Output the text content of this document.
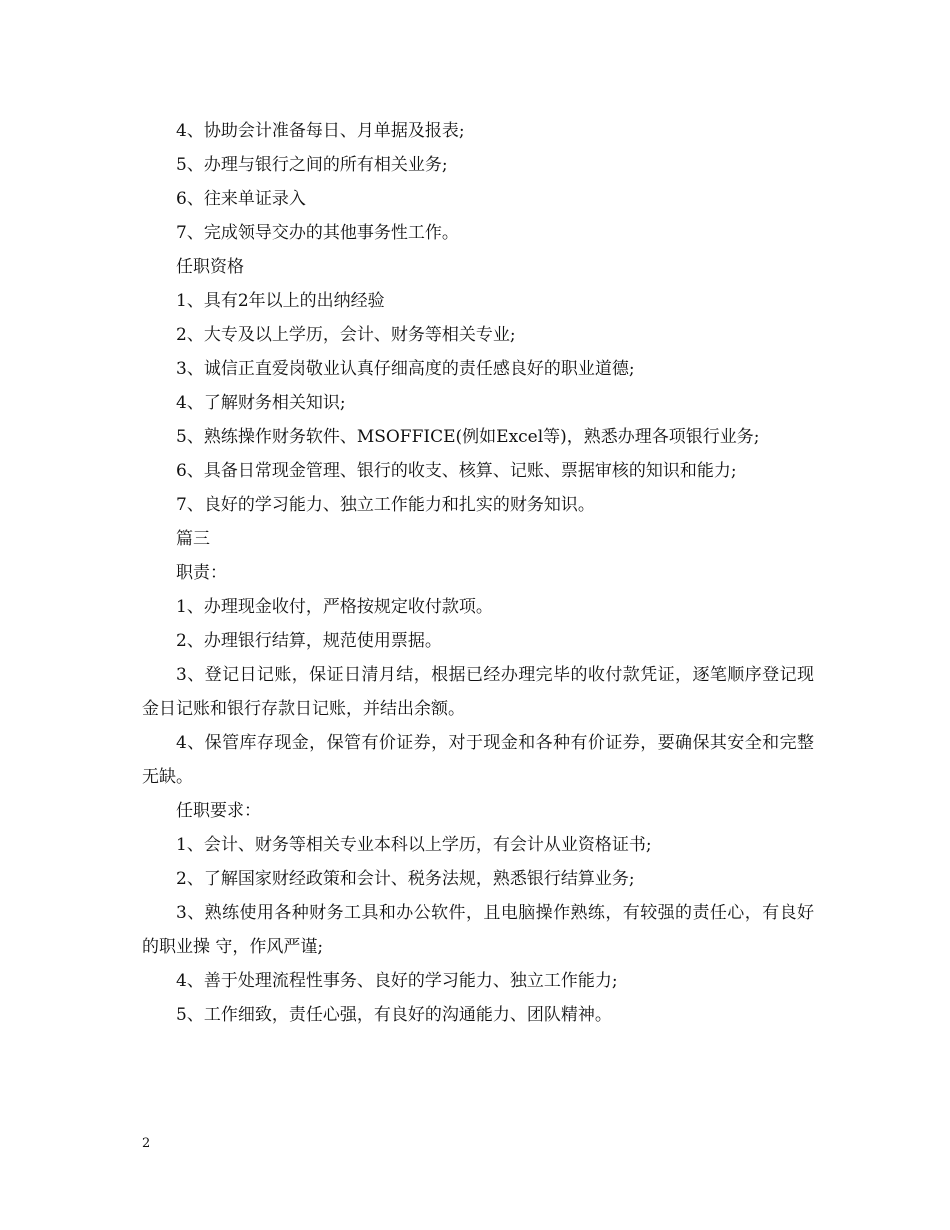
4、协助会计准备每日、月单据及报表;
5、办理与银行之间的所有相关业务;
6、往来单证录入
7、完成领导交办的其他事务性工作。
任职资格
1、具有2年以上的出纳经验
2、大专及以上学历，会计、财务等相关专业;
3、诚信正直爱岗敬业认真仔细高度的责任感良好的职业道德;
4、了解财务相关知识;
5、熟练操作财务软件、MSOFFICE(例如Excel等)，熟悉办理各项银行业务;
6、具备日常现金管理、银行的收支、核算、记账、票据审核的知识和能力;
7、良好的学习能力、独立工作能力和扎实的财务知识。
篇三
职责：
1、办理现金收付，严格按规定收付款项。
2、办理银行结算，规范使用票据。
3、登记日记账，保证日清月结，根据已经办理完毕的收付款凭证，逐笔顺序登记现金日记账和银行存款日记账，并结出余额。
4、保管库存现金，保管有价证券，对于现金和各种有价证券，要确保其安全和完整无缺。
任职要求：
1、会计、财务等相关专业本科以上学历，有会计从业资格证书;
2、了解国家财经政策和会计、税务法规，熟悉银行结算业务;
3、熟练使用各种财务工具和办公软件，且电脑操作熟练，有较强的责任心，有良好的职业操 守，作风严谨;
4、善于处理流程性事务、良好的学习能力、独立工作能力;
5、工作细致，责任心强，有良好的沟通能力、团队精神。
2
